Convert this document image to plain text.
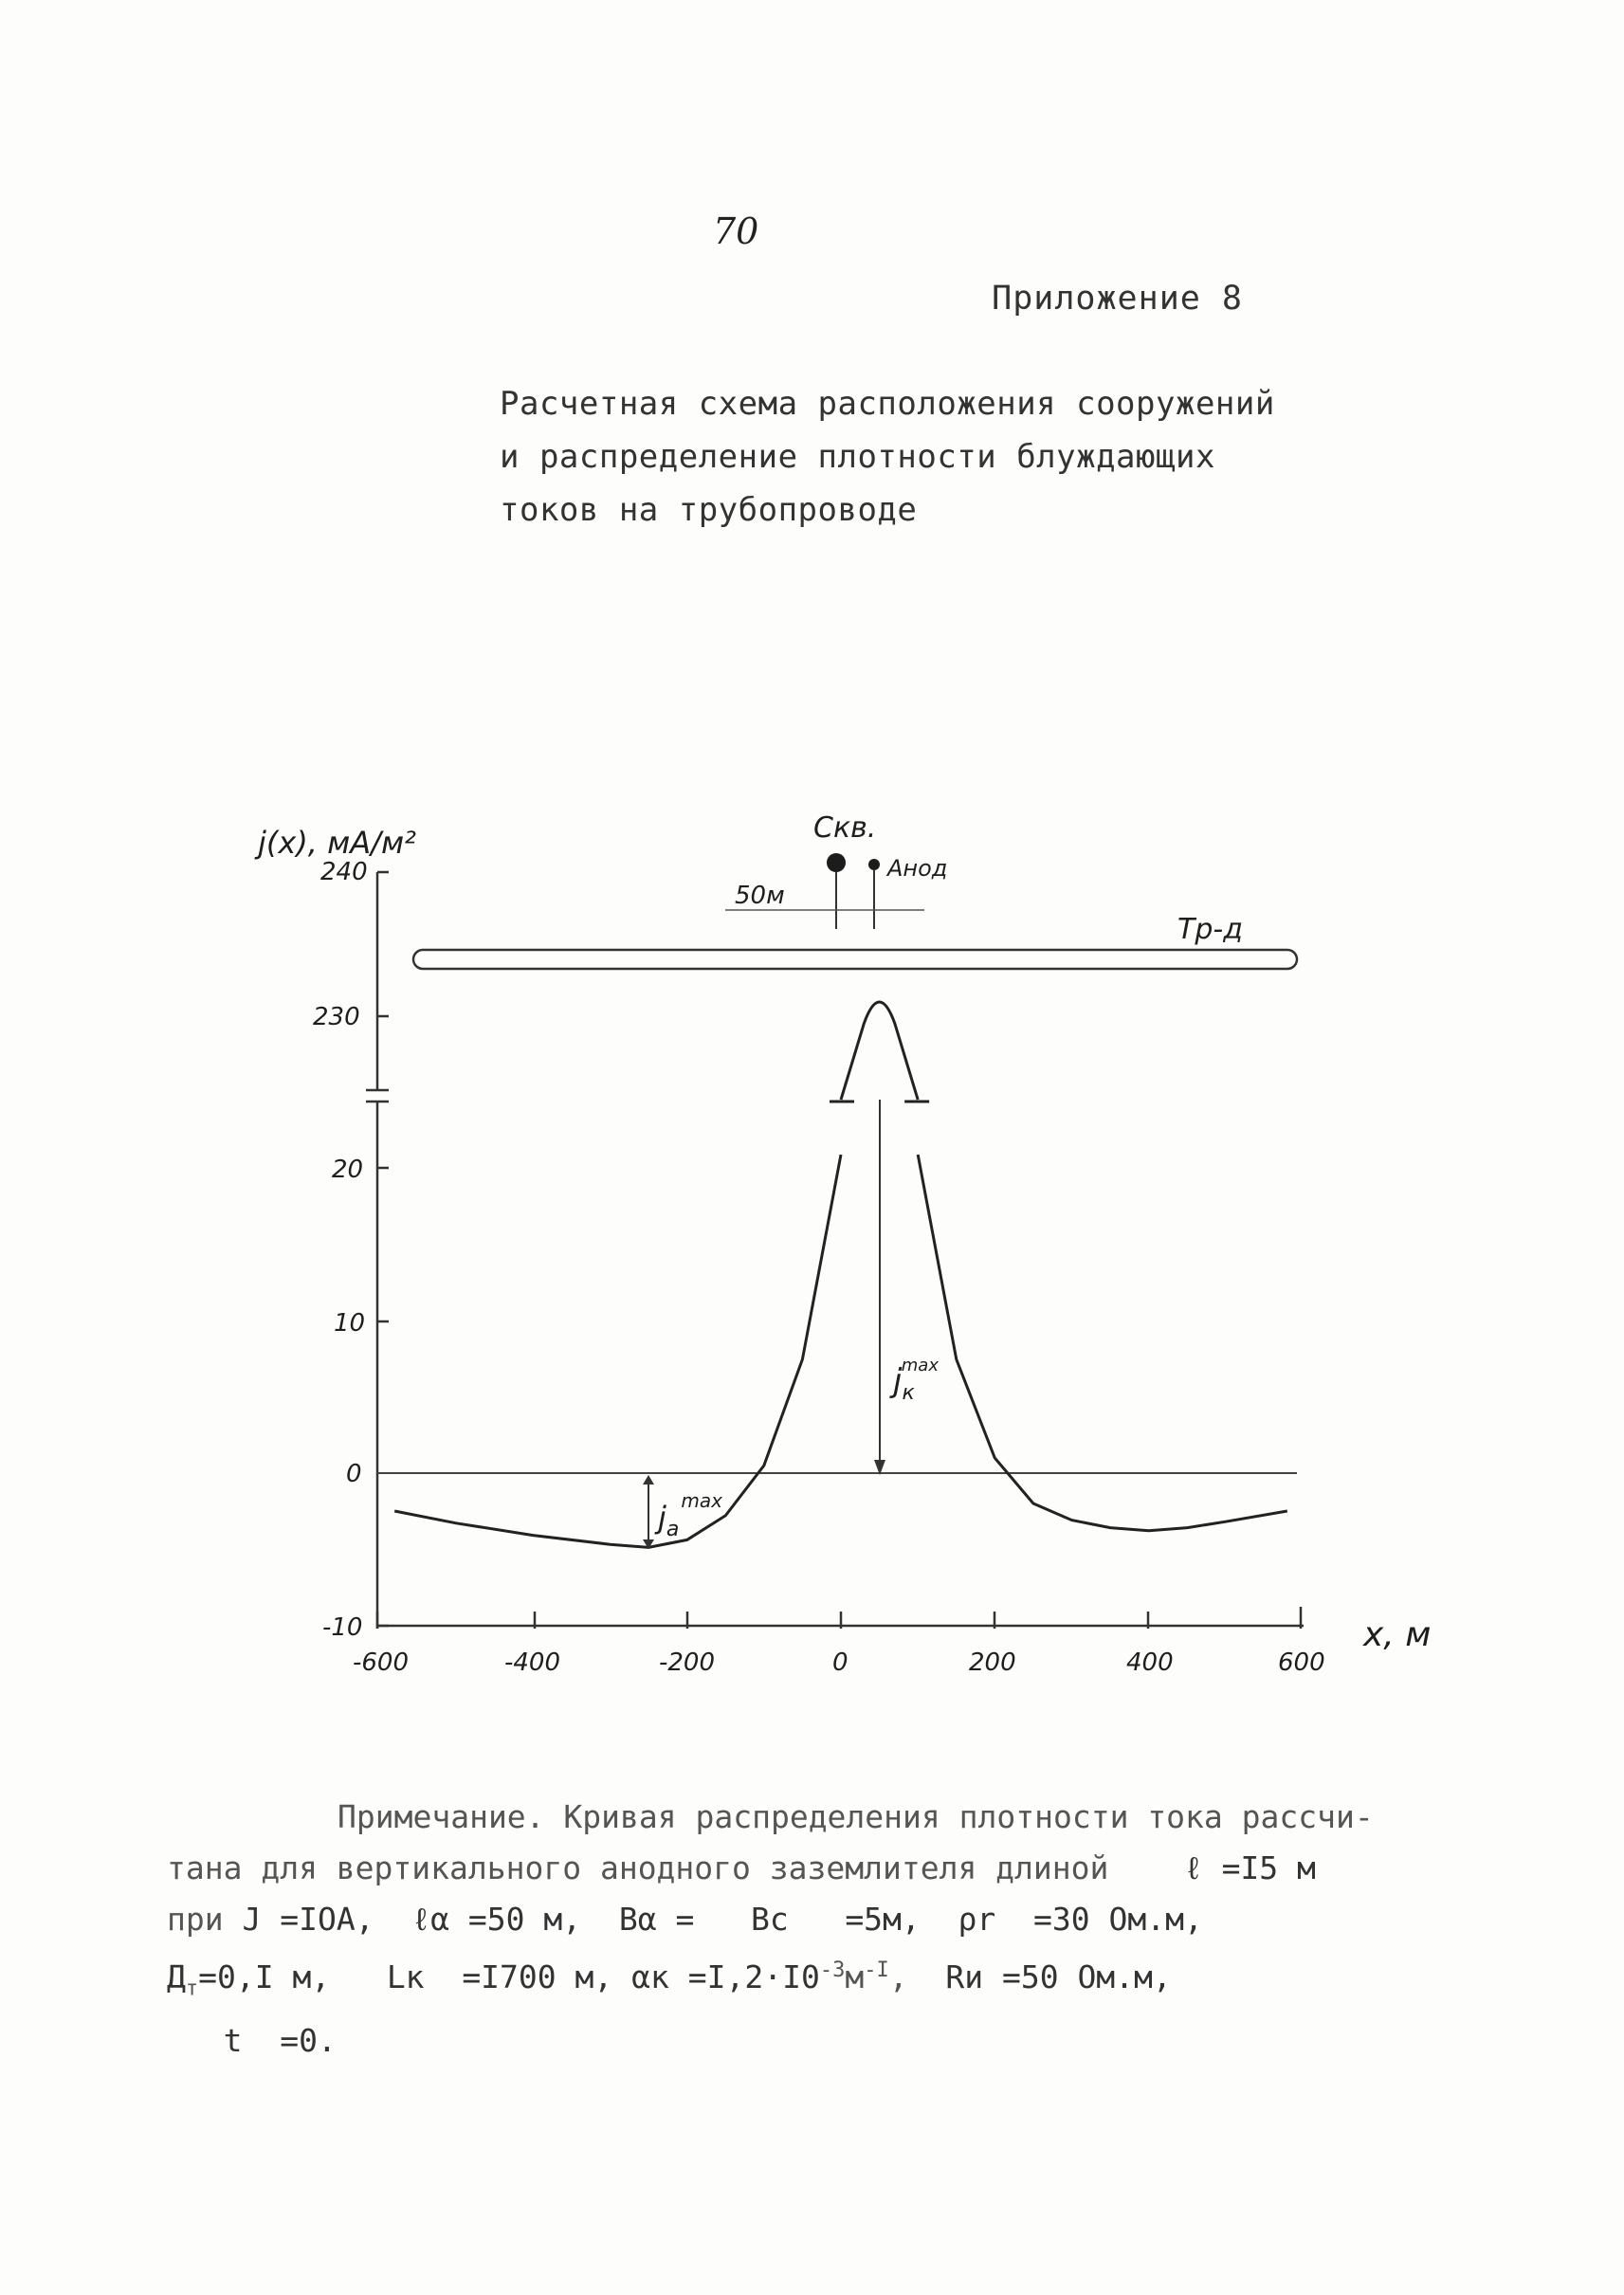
70
Приложение 8
Расчетная схема расположения сооружений
и распределение плотности блуждающих
токов на трубопроводе
j(x), мА/м²
240
230
20
10
0
-10
-600	-400	-200	0	200	400	600
x, м
Скв.
Анод
50м
Тр-д
$j_к\max$
$j_а^{max}$
Примечание. Кривая распределения плотности тока рассчи-
тана для вертикального анодного заземлителя длиной ℓ =I5 м
при J =IOA, ℓα =50 м, Bα = Bc =5м, ρr =30 Ом.м,
$Д_т=0,I$ м, Lк =I700 м, $\alpha к =I,2\cdot I0^{-3}м^{-I}$, Rи =50 Ом.м,
t =0.
